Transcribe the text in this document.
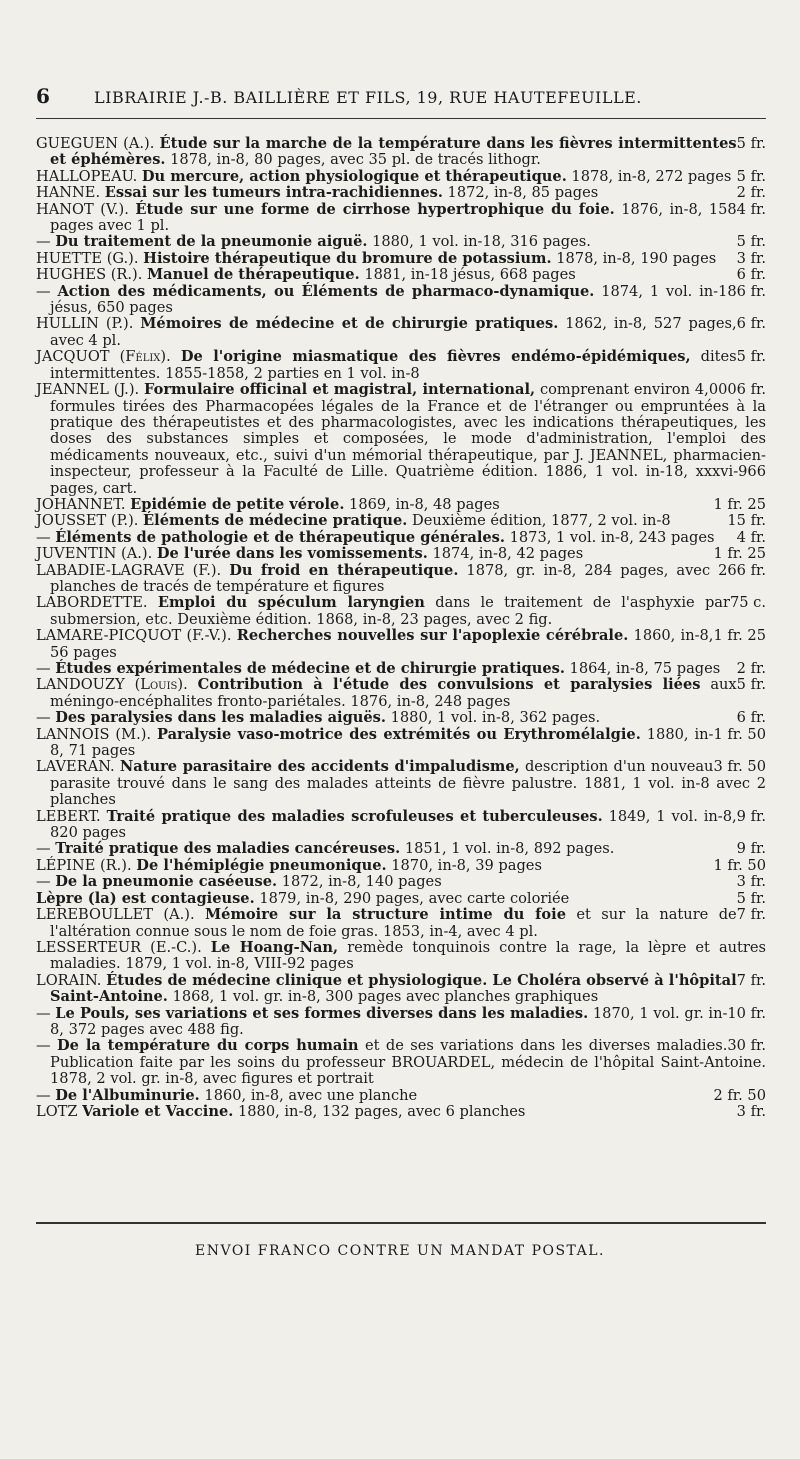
6	LIBRAIRIE J.-B. BAILLIÈRE ET FILS, 19, RUE HAUTEFEUILLE.

5 fr.
GUEGUEN (A.). Étude sur la marche de la température dans les fièvres intermittentes et éphémères. 1878, in-8, 80 pages, avec 35 pl. de tracés lithogr.

5 fr.
HALLOPEAU. Du mercure, action physiologique et thérapeutique. 1878, in-8, 272 pages

2 fr.
HANNE. Essai sur les tumeurs intra-rachidiennes. 1872, in-8, 85 pages

4 fr.
HANOT (V.). Étude sur une forme de cirrhose hypertrophique du foie. 1876, in-8, 158 pages avec 1 pl.

5 fr.
— Du traitement de la pneumonie aiguë. 1880, 1 vol. in-18, 316 pages.

3 fr.
HUETTE (G.). Histoire thérapeutique du bromure de potassium. 1878, in-8, 190 pages

6 fr.
HUGHES (R.). Manuel de thérapeutique. 1881, in-18 jésus, 668 pages

6 fr.
— Action des médicaments, ou Éléments de pharmaco-dynamique. 1874, 1 vol. in-18 jésus, 650 pages

6 fr.
HULLIN (P.). Mémoires de médecine et de chirurgie pratiques. 1862, in-8, 527 pages, avec 4 pl.

5 fr.
JACQUOT (Félix). De l'origine miasmatique des fièvres endémo-épidémiques, dites intermittentes. 1855-1858, 2 parties en 1 vol. in-8

6 fr.
JEANNEL (J.). Formulaire officinal et magistral, international, comprenant environ 4,000 formules tirées des Pharmacopées légales de la France et de l'étranger ou empruntées à la pratique des thérapeutistes et des pharmacologistes, avec les indications thérapeutiques, les doses des substances simples et composées, le mode d'administration, l'emploi des médicaments nouveaux, etc., suivi d'un mémorial thérapeutique, par J. JEANNEL, pharmacien-inspecteur, professeur à la Faculté de Lille. Quatrième édition. 1886, 1 vol. in-18, xxxvi-966 pages, cart.

1 fr. 25
JOHANNET. Epidémie de petite vérole. 1869, in-8, 48 pages

15 fr.
JOUSSET (P.). Éléments de médecine pratique. Deuxième édition, 1877, 2 vol. in-8

4 fr.
— Éléments de pathologie et de thérapeutique générales. 1873, 1 vol. in-8, 243 pages

1 fr. 25
JUVENTIN (A.). De l'urée dans les vomissements. 1874, in-8, 42 pages

6 fr.
LABADIE-LAGRAVE (F.). Du froid en thérapeutique. 1878, gr. in-8, 284 pages, avec 26 planches de tracés de température et figures

75 c.
LABORDETTE. Emploi du spéculum laryngien dans le traitement de l'asphyxie par submersion, etc. Deuxième édition. 1868, in-8, 23 pages, avec 2 fig.

1 fr. 25
LAMARE-PICQUOT (F.-V.). Recherches nouvelles sur l'apoplexie cérébrale. 1860, in-8, 56 pages

2 fr.
— Études expérimentales de médecine et de chirurgie pratiques. 1864, in-8, 75 pages

5 fr.
LANDOUZY (Louis). Contribution à l'étude des convulsions et paralysies liées aux méningo-encéphalites fronto-pariétales. 1876, in-8, 248 pages

6 fr.
— Des paralysies dans les maladies aiguës. 1880, 1 vol. in-8, 362 pages.

1 fr. 50
LANNOIS (M.). Paralysie vaso-motrice des extrémités ou Erythromélalgie. 1880, in-8, 71 pages

3 fr. 50
LAVERAN. Nature parasitaire des accidents d'impaludisme, description d'un nouveau parasite trouvé dans le sang des malades atteints de fièvre palustre. 1881, 1 vol. in-8 avec 2 planches

9 fr.
LEBERT. Traité pratique des maladies scrofuleuses et tuberculeuses. 1849, 1 vol. in-8, 820 pages

9 fr.
— Traité pratique des maladies cancéreuses. 1851, 1 vol. in-8, 892 pages.

1 fr. 50
LÉPINE (R.). De l'hémiplégie pneumonique. 1870, in-8, 39 pages

3 fr.
— De la pneumonie caséeuse. 1872, in-8, 140 pages

5 fr.
Lèpre (la) est contagieuse. 1879, in-8, 290 pages, avec carte coloriée

7 fr.
LEREBOULLET (A.). Mémoire sur la structure intime du foie et sur la nature de l'altération connue sous le nom de foie gras. 1853, in-4, avec 4 pl.

LESSERTEUR (E.-C.). Le Hoang-Nan, remède tonquinois contre la rage, la lèpre et autres maladies. 1879, 1 vol. in-8, VIII-92 pages

7 fr.
LORAIN. Études de médecine clinique et physiologique. Le Choléra observé à l'hôpital Saint-Antoine. 1868, 1 vol. gr. in-8, 300 pages avec planches graphiques

10 fr.
— Le Pouls, ses variations et ses formes diverses dans les maladies. 1870, 1 vol. gr. in-8, 372 pages avec 488 fig.

30 fr.
— De la température du corps humain et de ses variations dans les diverses maladies. Publication faite par les soins du professeur BROUARDEL, médecin de l'hôpital Saint-Antoine. 1878, 2 vol. gr. in-8, avec figures et portrait

2 fr. 50
— De l'Albuminurie. 1860, in-8, avec une planche

3 fr.
LOTZ Variole et Vaccine. 1880, in-8, 132 pages, avec 6 planches

ENVOI FRANCO CONTRE UN MANDAT POSTAL.
